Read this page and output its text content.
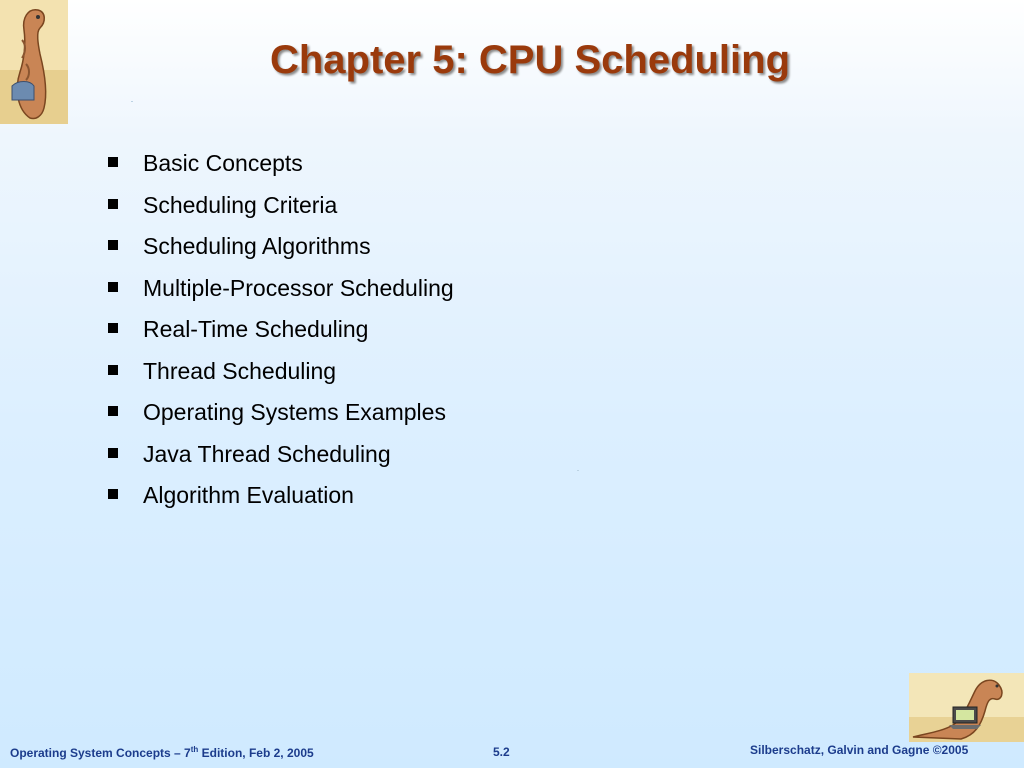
Chapter 5: CPU Scheduling
Basic Concepts
Scheduling Criteria
Scheduling Algorithms
Multiple-Processor Scheduling
Real-Time Scheduling
Thread Scheduling
Operating Systems Examples
Java Thread Scheduling
Algorithm Evaluation
Operating System Concepts – 7th Edition, Feb 2, 2005	5.2	Silberschatz, Galvin and Gagne ©2005
